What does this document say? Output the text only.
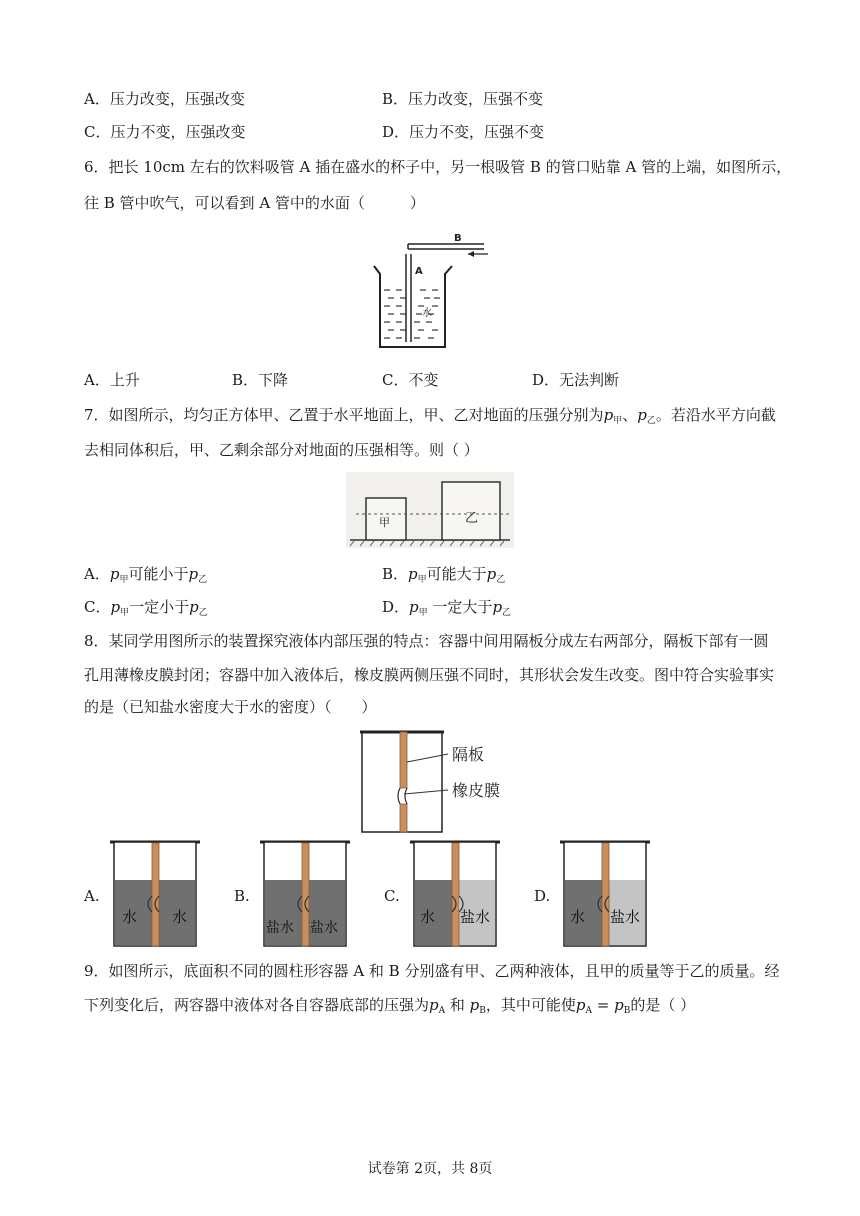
A．压力改变，压强改变	B．压力改变，压强不变
C．压力不变，压强改变	D．压力不变，压强不变
6．把长 10cm 左右的饮料吸管 A 插在盛水的杯子中，另一根吸管 B 的管口贴靠 A 管的上端，如图所示，
往 B 管中吹气，可以看到 A 管中的水面（　　　）
B
A
水
A．上升	B．下降	C．不变	D．无法判断
7．如图所示，均匀正方体甲、乙置于水平地面上，甲、乙对地面的压强分别为$p_甲$、$p_乙$。若沿水平方向截
去相同体积后，甲、乙剩余部分对地面的压强相等。则（ ）
甲	乙
A．$p_甲$可能小于$p_乙$	B．$p_甲$可能大于$p_乙$
C．$p_甲$一定小于$p_乙$	D．$p_甲$ 一定大于$p_乙$
8．某同学用图所示的装置探究液体内部压强的特点：容器中间用隔板分成左右两部分，隔板下部有一圆
孔用薄橡皮膜封闭；容器中加入液体后，橡皮膜两侧压强不同时，其形状会发生改变。图中符合实验事实
的是（已知盐水密度大于水的密度）（　　）
隔板
橡皮膜
A.
水 水
B.
盐水 盐水
C.
水 盐水
D.
水 盐水
9．如图所示，底面积不同的圆柱形容器 A 和 B 分别盛有甲、乙两种液体，且甲的质量等于乙的质量。经
下列变化后，两容器中液体对各自容器底部的压强为$p_A$ 和 $p_B$，其中可能使$p_A = p_B$的是（ ）
试卷第 2页，共 8页
